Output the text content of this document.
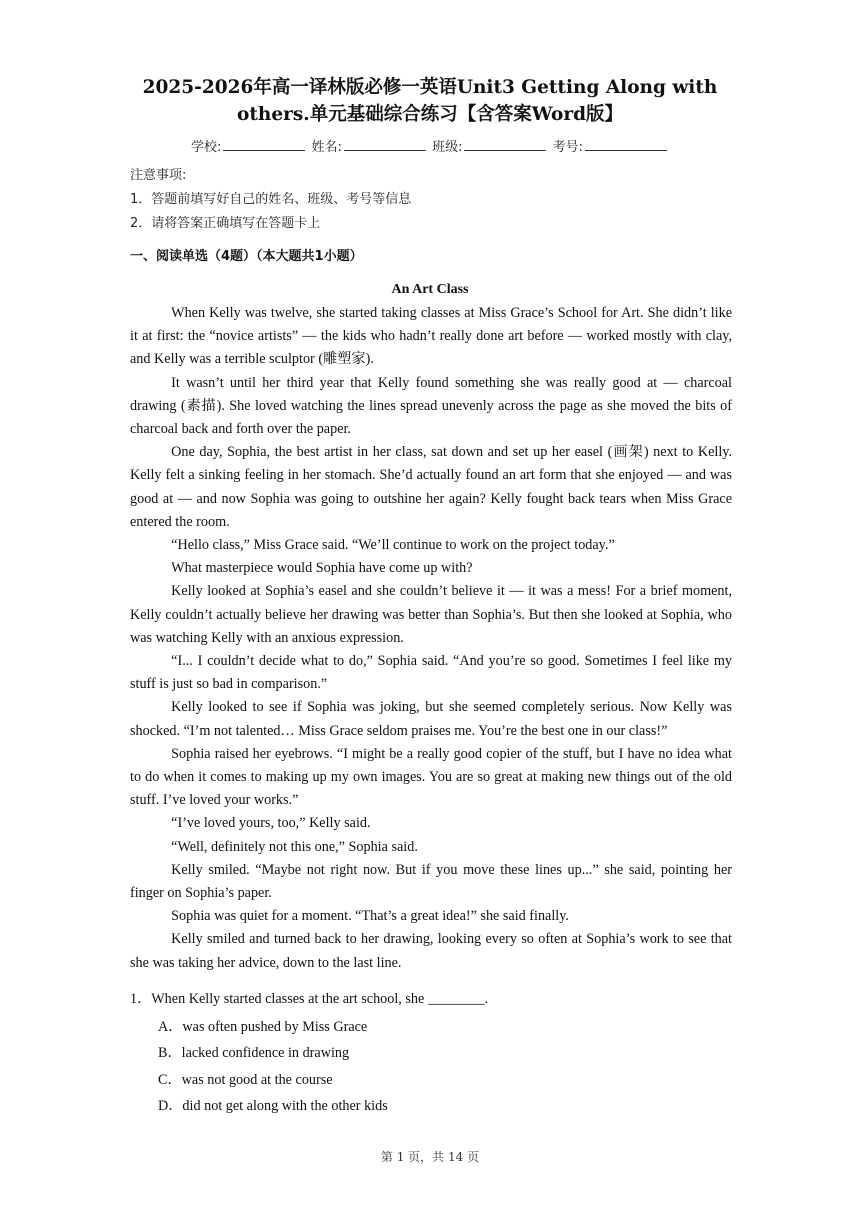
2025-2026年高一译林版必修一英语Unit3 Getting Along with
others.单元基础综合练习【含答案Word版】
学校:	姓名:	班级:	考号:
注意事项:
1．答题前填写好自己的姓名、班级、考号等信息
2．请将答案正确填写在答题卡上
一、阅读单选（4题）（本大题共1小题）
An Art Class

When Kelly was twelve, she started taking classes at Miss Grace’s School for Art. She didn’t like it at first: the “novice artists” — the kids who hadn’t really done art before — worked mostly with clay, and Kelly was a terrible sculptor (雕塑家).

It wasn’t until her third year that Kelly found something she was really good at — charcoal drawing (素描). She loved watching the lines spread unevenly across the page as she moved the bits of charcoal back and forth over the paper.

One day, Sophia, the best artist in her class, sat down and set up her easel (画架) next to Kelly. Kelly felt a sinking feeling in her stomach. She’d actually found an art form that she enjoyed — and was good at — and now Sophia was going to outshine her again? Kelly fought back tears when Miss Grace entered the room.

“Hello class,” Miss Grace said. “We’ll continue to work on the project today.”

What masterpiece would Sophia have come up with?

Kelly looked at Sophia’s easel and she couldn’t believe it — it was a mess! For a brief moment, Kelly couldn’t actually believe her drawing was better than Sophia’s. But then she looked at Sophia, who was watching Kelly with an anxious expression.

“I... I couldn’t decide what to do,” Sophia said. “And you’re so good. Sometimes I feel like my stuff is just so bad in comparison.”

Kelly looked to see if Sophia was joking, but she seemed completely serious. Now Kelly was shocked. “I’m not talented… Miss Grace seldom praises me. You’re the best one in our class!”

Sophia raised her eyebrows. “I might be a really good copier of the stuff, but I have no idea what to do when it comes to making up my own images. You are so great at making new things out of the old stuff. I’ve loved your works.”

“I’ve loved yours, too,” Kelly said.

“Well, definitely not this one,” Sophia said.

Kelly smiled. “Maybe not right now. But if you move these lines up...” she said, pointing her finger on Sophia’s paper.

Sophia was quiet for a moment. “That’s a great idea!” she said finally.

Kelly smiled and turned back to her drawing, looking every so often at Sophia’s work to see that she was taking her advice, down to the last line.

1．When Kelly started classes at the art school, she ________.
A．was often pushed by Miss Grace
B．lacked confidence in drawing
C．was not good at the course
D．did not get along with the other kids
第 1 页，共 14 页
